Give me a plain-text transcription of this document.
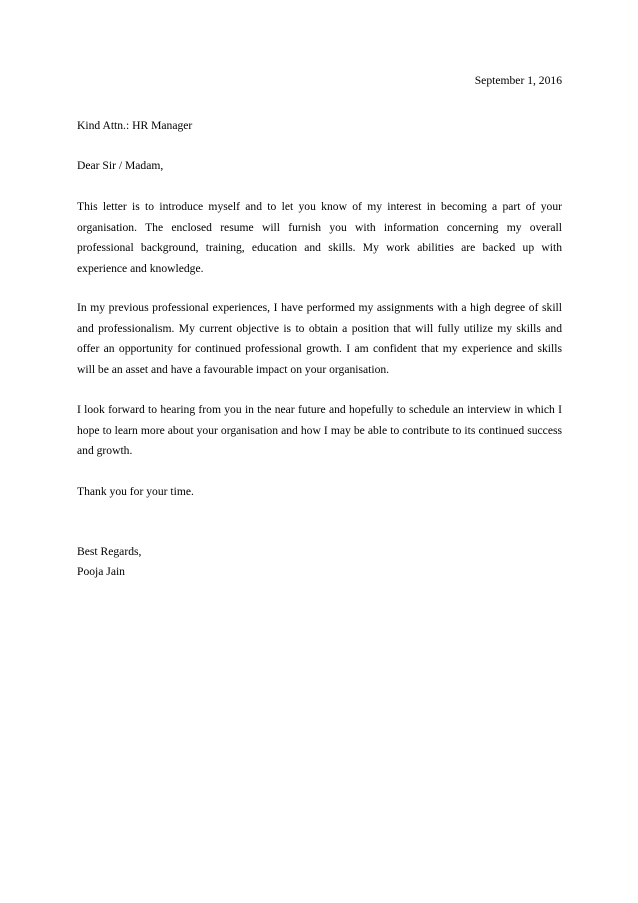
September 1, 2016

Kind Attn.: HR Manager

Dear Sir / Madam,

This letter is to introduce myself and to let you know of my interest in becoming a part of your organisation. The enclosed resume will furnish you with information concerning my overall professional background, training, education and skills. My work abilities are backed up with experience and knowledge.

In my previous professional experiences, I have performed my assignments with a high degree of skill and professionalism. My current objective is to obtain a position that will fully utilize my skills and offer an opportunity for continued professional growth. I am confident that my experience and skills will be an asset and have a favourable impact on your organisation.

I look forward to hearing from you in the near future and hopefully to schedule an interview in which I hope to learn more about your organisation and how I may be able to contribute to its continued success and growth.

Thank you for your time.

Best Regards,

Pooja Jain
